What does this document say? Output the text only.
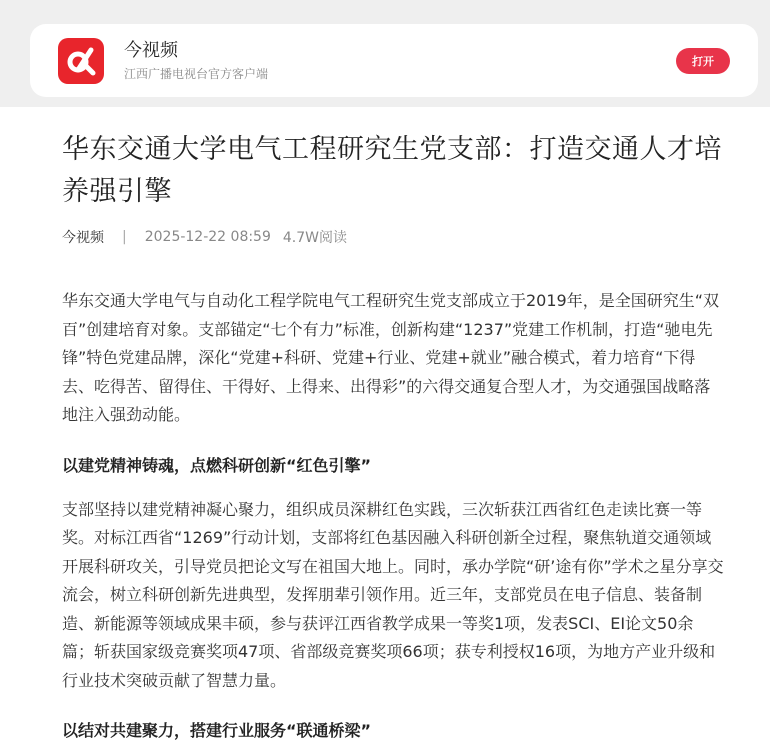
今视频
江西广播电视台官方客户端
打开
华东交通大学电气工程研究生党支部：打造交通人才培养强引擎
今视频 | 2025-12-22 08:59 4.7W阅读

华东交通大学电气与自动化工程学院电气工程研究生党支部成立于2019年，是全国研究生“双百”创建培育对象。支部锚定“七个有力”标准，创新构建“1237”党建工作机制，打造“驰电先锋”特色党建品牌，深化“党建+科研、党建+行业、党建+就业”融合模式，着力培育“下得去、吃得苦、留得住、干得好、上得来、出得彩”的六得交通复合型人才，为交通强国战略落地注入强劲动能。

以建党精神铸魂，点燃科研创新“红色引擎”

支部坚持以建党精神凝心聚力，组织成员深耕红色实践，三次斩获江西省红色走读比赛一等奖。对标江西省“1269”行动计划，支部将红色基因融入科研创新全过程，聚焦轨道交通领域开展科研攻关，引导党员把论文写在祖国大地上。同时，承办学院“研’途有你”学术之星分享交流会，树立科研创新先进典型，发挥朋辈引领作用。近三年，支部党员在电子信息、装备制造、新能源等领域成果丰硕，参与获评江西省教学成果一等奖1项，发表SCI、EI论文50余篇；斩获国家级竞赛奖项47项、省部级竞赛奖项66项；获专利授权16项，为地方产业升级和行业技术突破贡献了智慧力量。

以结对共建聚力，搭建行业服务“联通桥梁”
